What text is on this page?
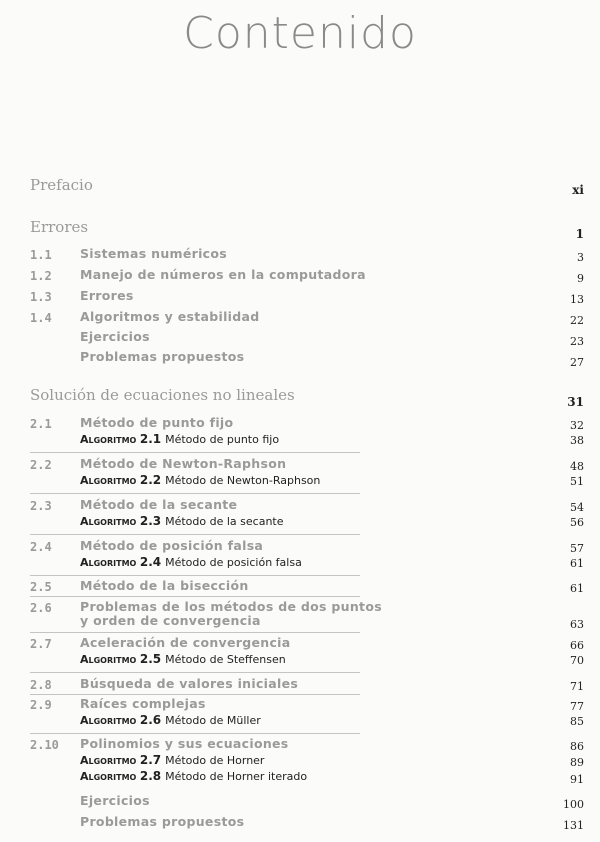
Contenido
Prefacio	xi
Errores	1
1.1 Sistemas numéricos	3
1.2 Manejo de números en la computadora	9
1.3 Errores	13
1.4 Algoritmos y estabilidad	22
Ejercicios	23
Problemas propuestos	27
Solución de ecuaciones no lineales	31
2.1 Método de punto fijo	32
Algoritmo 2.1 Método de punto fijo	38
2.2 Método de Newton-Raphson	48
Algoritmo 2.2 Método de Newton-Raphson	51
2.3 Método de la secante	54
Algoritmo 2.3 Método de la secante	56
2.4 Método de posición falsa	57
Algoritmo 2.4 Método de posición falsa	61
2.5 Método de la bisección	61
2.6 Problemas de los métodos de dos puntos
y orden de convergencia	63
2.7 Aceleración de convergencia	66
Algoritmo 2.5 Método de Steffensen	70
2.8 Búsqueda de valores iniciales	71
2.9 Raíces complejas	77
Algoritmo 2.6 Método de Müller	85
2.10 Polinomios y sus ecuaciones	86
Algoritmo 2.7 Método de Horner	89
Algoritmo 2.8 Método de Horner iterado	91
Ejercicios	100
Problemas propuestos	131
